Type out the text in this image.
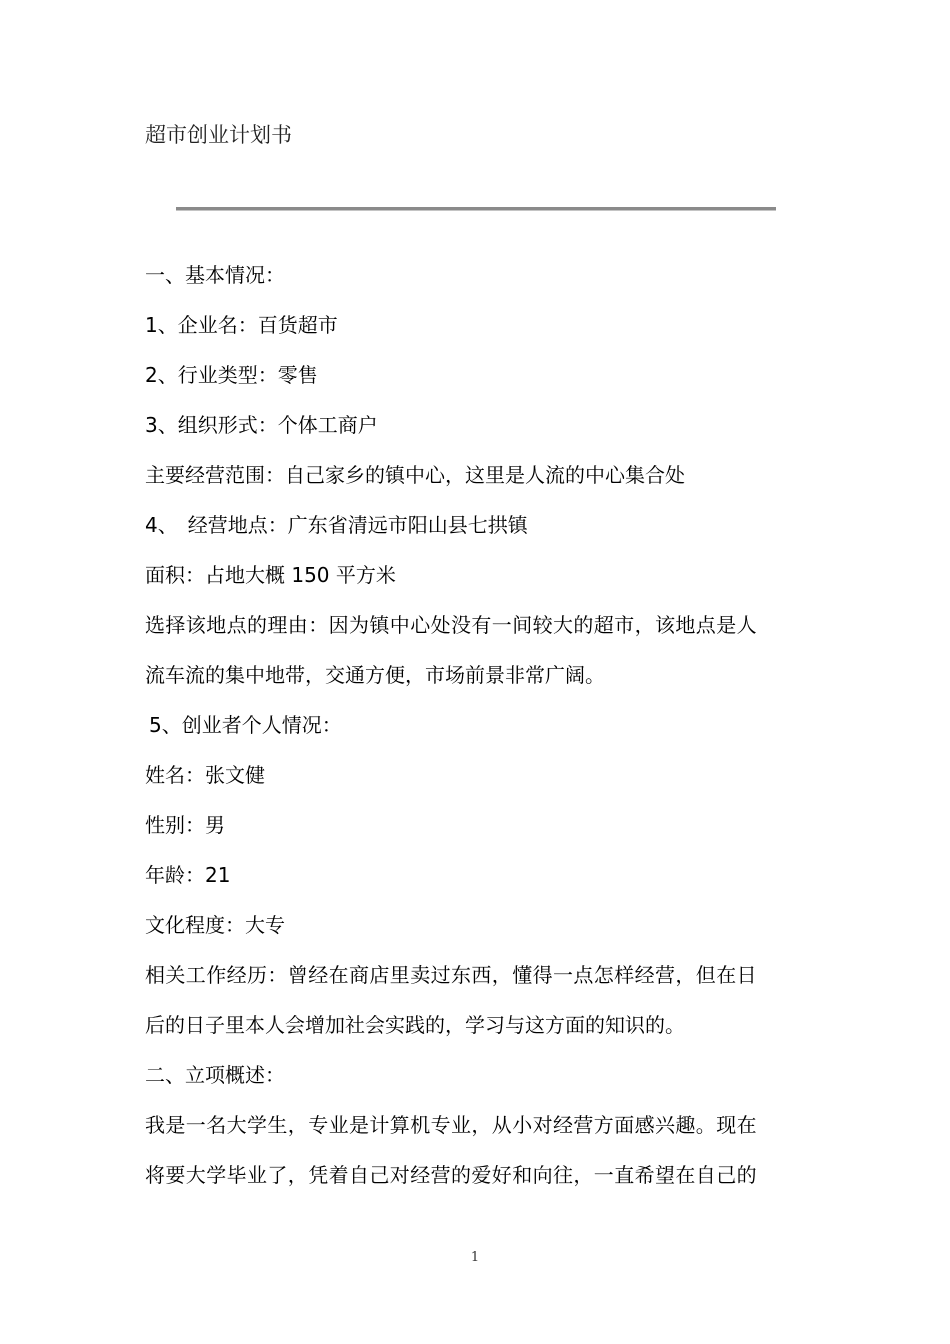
超市创业计划书
一、基本情况：
1、企业名：百货超市
2、行业类型：零售
3、组织形式：个体工商户
主要经营范围：自己家乡的镇中心，这里是人流的中心集合处
4、　经营地点：广东省清远市阳山县七拱镇
面积：占地大概 150 平方米
选择该地点的理由：因为镇中心处没有一间较大的超市，该地点是人
流车流的集中地带，交通方便，市场前景非常广阔。
5、创业者个人情况：
姓名：张文健
性别：男
年龄：21
文化程度：大专
相关工作经历：曾经在商店里卖过东西，懂得一点怎样经营，但在日
后的日子里本人会增加社会实践的，学习与这方面的知识的。
二、立项概述：
我是一名大学生，专业是计算机专业，从小对经营方面感兴趣。现在
将要大学毕业了，凭着自己对经营的爱好和向往，一直希望在自己的
1
